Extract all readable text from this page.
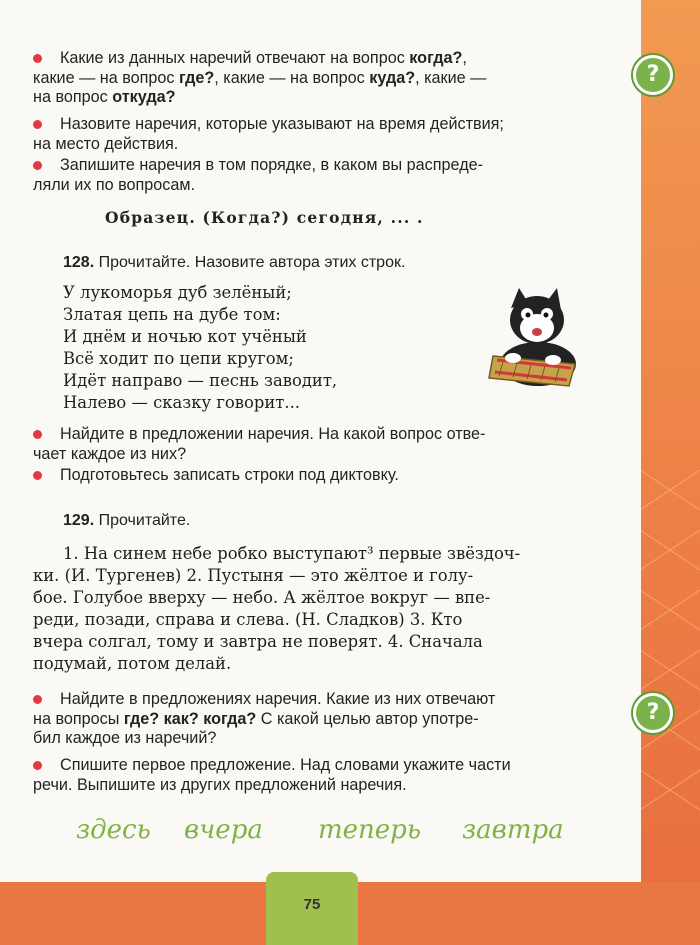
?
?
Какие из данных наречий отвечают на вопрос когда?,
какие — на вопрос где?, какие — на вопрос куда?, какие —
на вопрос откуда?
Назовите наречия, которые указывают на время действия;
на место действия.
Запишите наречия в том порядке, в каком вы распреде-
ляли их по вопросам.
Образец. (Когда?) сегодня, ... .
128. Прочитайте. Назовите автора этих строк.
У лукоморья дуб зелёный;
Златая цепь на дубе том:
И днём и ночью кот учёный
Всё ходит по цепи кругом;
Идёт направо — песнь заводит,
Налево — сказку говорит...
Найдите в предложении наречия. На какой вопрос отве-
чает каждое из них?
Подготовьтесь записать строки под диктовку.
129. Прочитайте.
1. На синем небе робко выступают³ первые звёздоч-
ки. (И. Тургенев) 2. Пустыня — это жёлтое и голу-
бое. Голубое вверху — небо. А жёлтое вокруг — впе-
реди, позади, справа и слева. (Н. Сладков) 3. Кто
вчера солгал, тому и завтра не поверят. 4. Сначала
подумай, потом делай.
Найдите в предложениях наречия. Какие из них отвечают
на вопросы где? как? когда? С какой целью автор употре-
бил каждое из наречий?
Спишите первое предложение. Над словами укажите части
речи. Выпишите из других предложений наречия.
здесь вчера теперь завтра
75
